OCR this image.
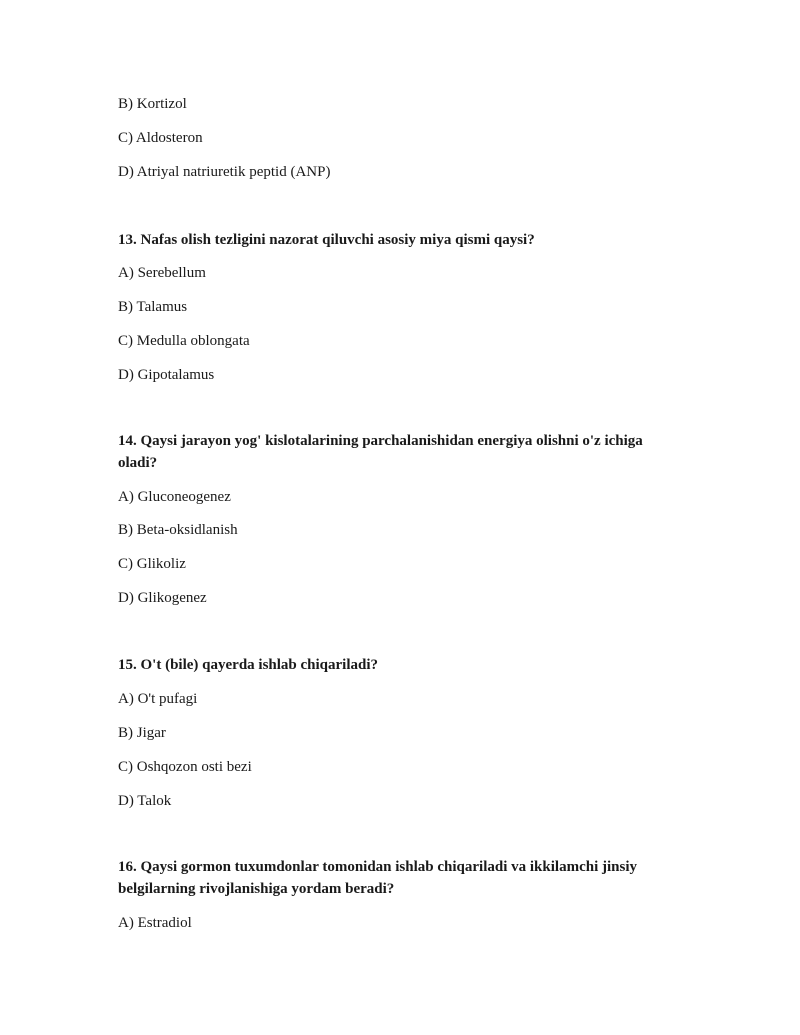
B) Kortizol
C) Aldosteron
D) Atriyal natriuretik peptid (ANP)
13. Nafas olish tezligini nazorat qiluvchi asosiy miya qismi qaysi?
A) Serebellum
B) Talamus
C) Medulla oblongata
D) Gipotalamus
14. Qaysi jarayon yog' kislotalarining parchalanishidan energiya olishni o'z ichiga oladi?
A) Gluconeogenez
B) Beta-oksidlanish
C) Glikoliz
D) Glikogenez
15. O't (bile) qayerda ishlab chiqariladi?
A) O't pufagi
B) Jigar
C) Oshqozon osti bezi
D) Talok
16. Qaysi gormon tuxumdonlar tomonidan ishlab chiqariladi va ikkilamchi jinsiy belgilarning rivojlanishiga yordam beradi?
A) Estradiol
